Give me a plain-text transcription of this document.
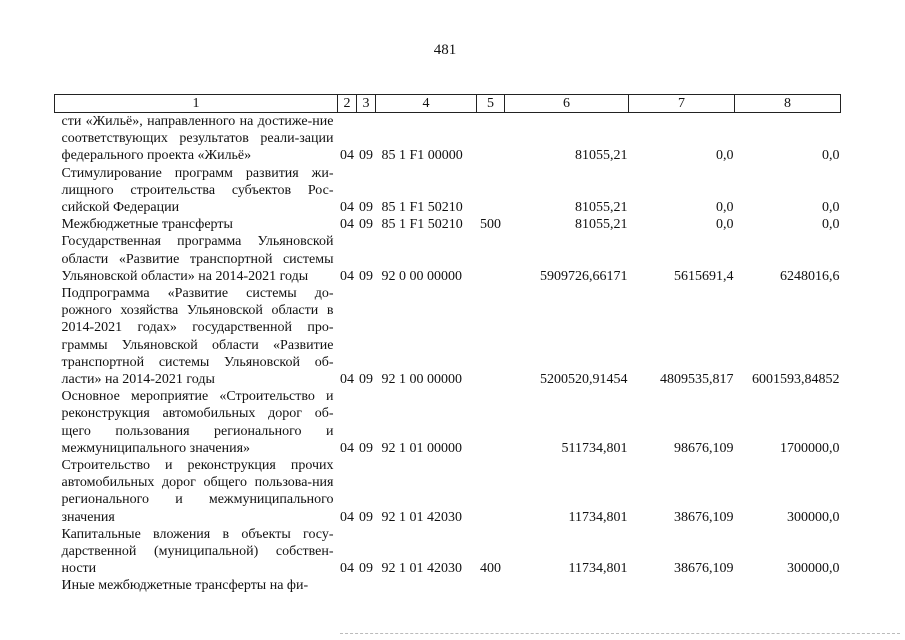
481
1	2	3	4	5	6	7	8
сти «Жильё», направленного на достиже-ние соответствующих результатов реали-зации федерального проекта «Жильё»	04	09	85 1 F1 00000		81055,21	0,0	0,0
Стимулирование программ развития жи-лищного строительства субъектов Рос-сийской Федерации	04	09	85 1 F1 50210		81055,21	0,0	0,0
Межбюджетные трансферты	04	09	85 1 F1 50210	500	81055,21	0,0	0,0
Государственная программа Ульяновской области «Развитие транспортной системы Ульяновской области» на 2014-2021 годы	04	09	92 0 00 00000		5909726,66171	5615691,4	6248016,6
Подпрограмма «Развитие системы до-рожного хозяйства Ульяновской области в 2014-2021 годах» государственной про-граммы Ульяновской области «Развитие транспортной системы Ульяновской об-ласти» на 2014-2021 годы	04	09	92 1 00 00000		5200520,91454	4809535,817	6001593,84852
Основное мероприятие «Строительство и реконструкция автомобильных дорог об-щего пользования регионального и межмуниципального значения»	04	09	92 1 01 00000		511734,801	98676,109	1700000,0
Строительство и реконструкция прочих автомобильных дорог общего пользова-ния регионального и межмуниципального значения	04	09	92 1 01 42030		11734,801	38676,109	300000,0
Капитальные вложения в объекты госу-дарственной (муниципальной) собствен-ности	04	09	92 1 01 42030	400	11734,801	38676,109	300000,0
Иные межбюджетные трансферты на фи-							
